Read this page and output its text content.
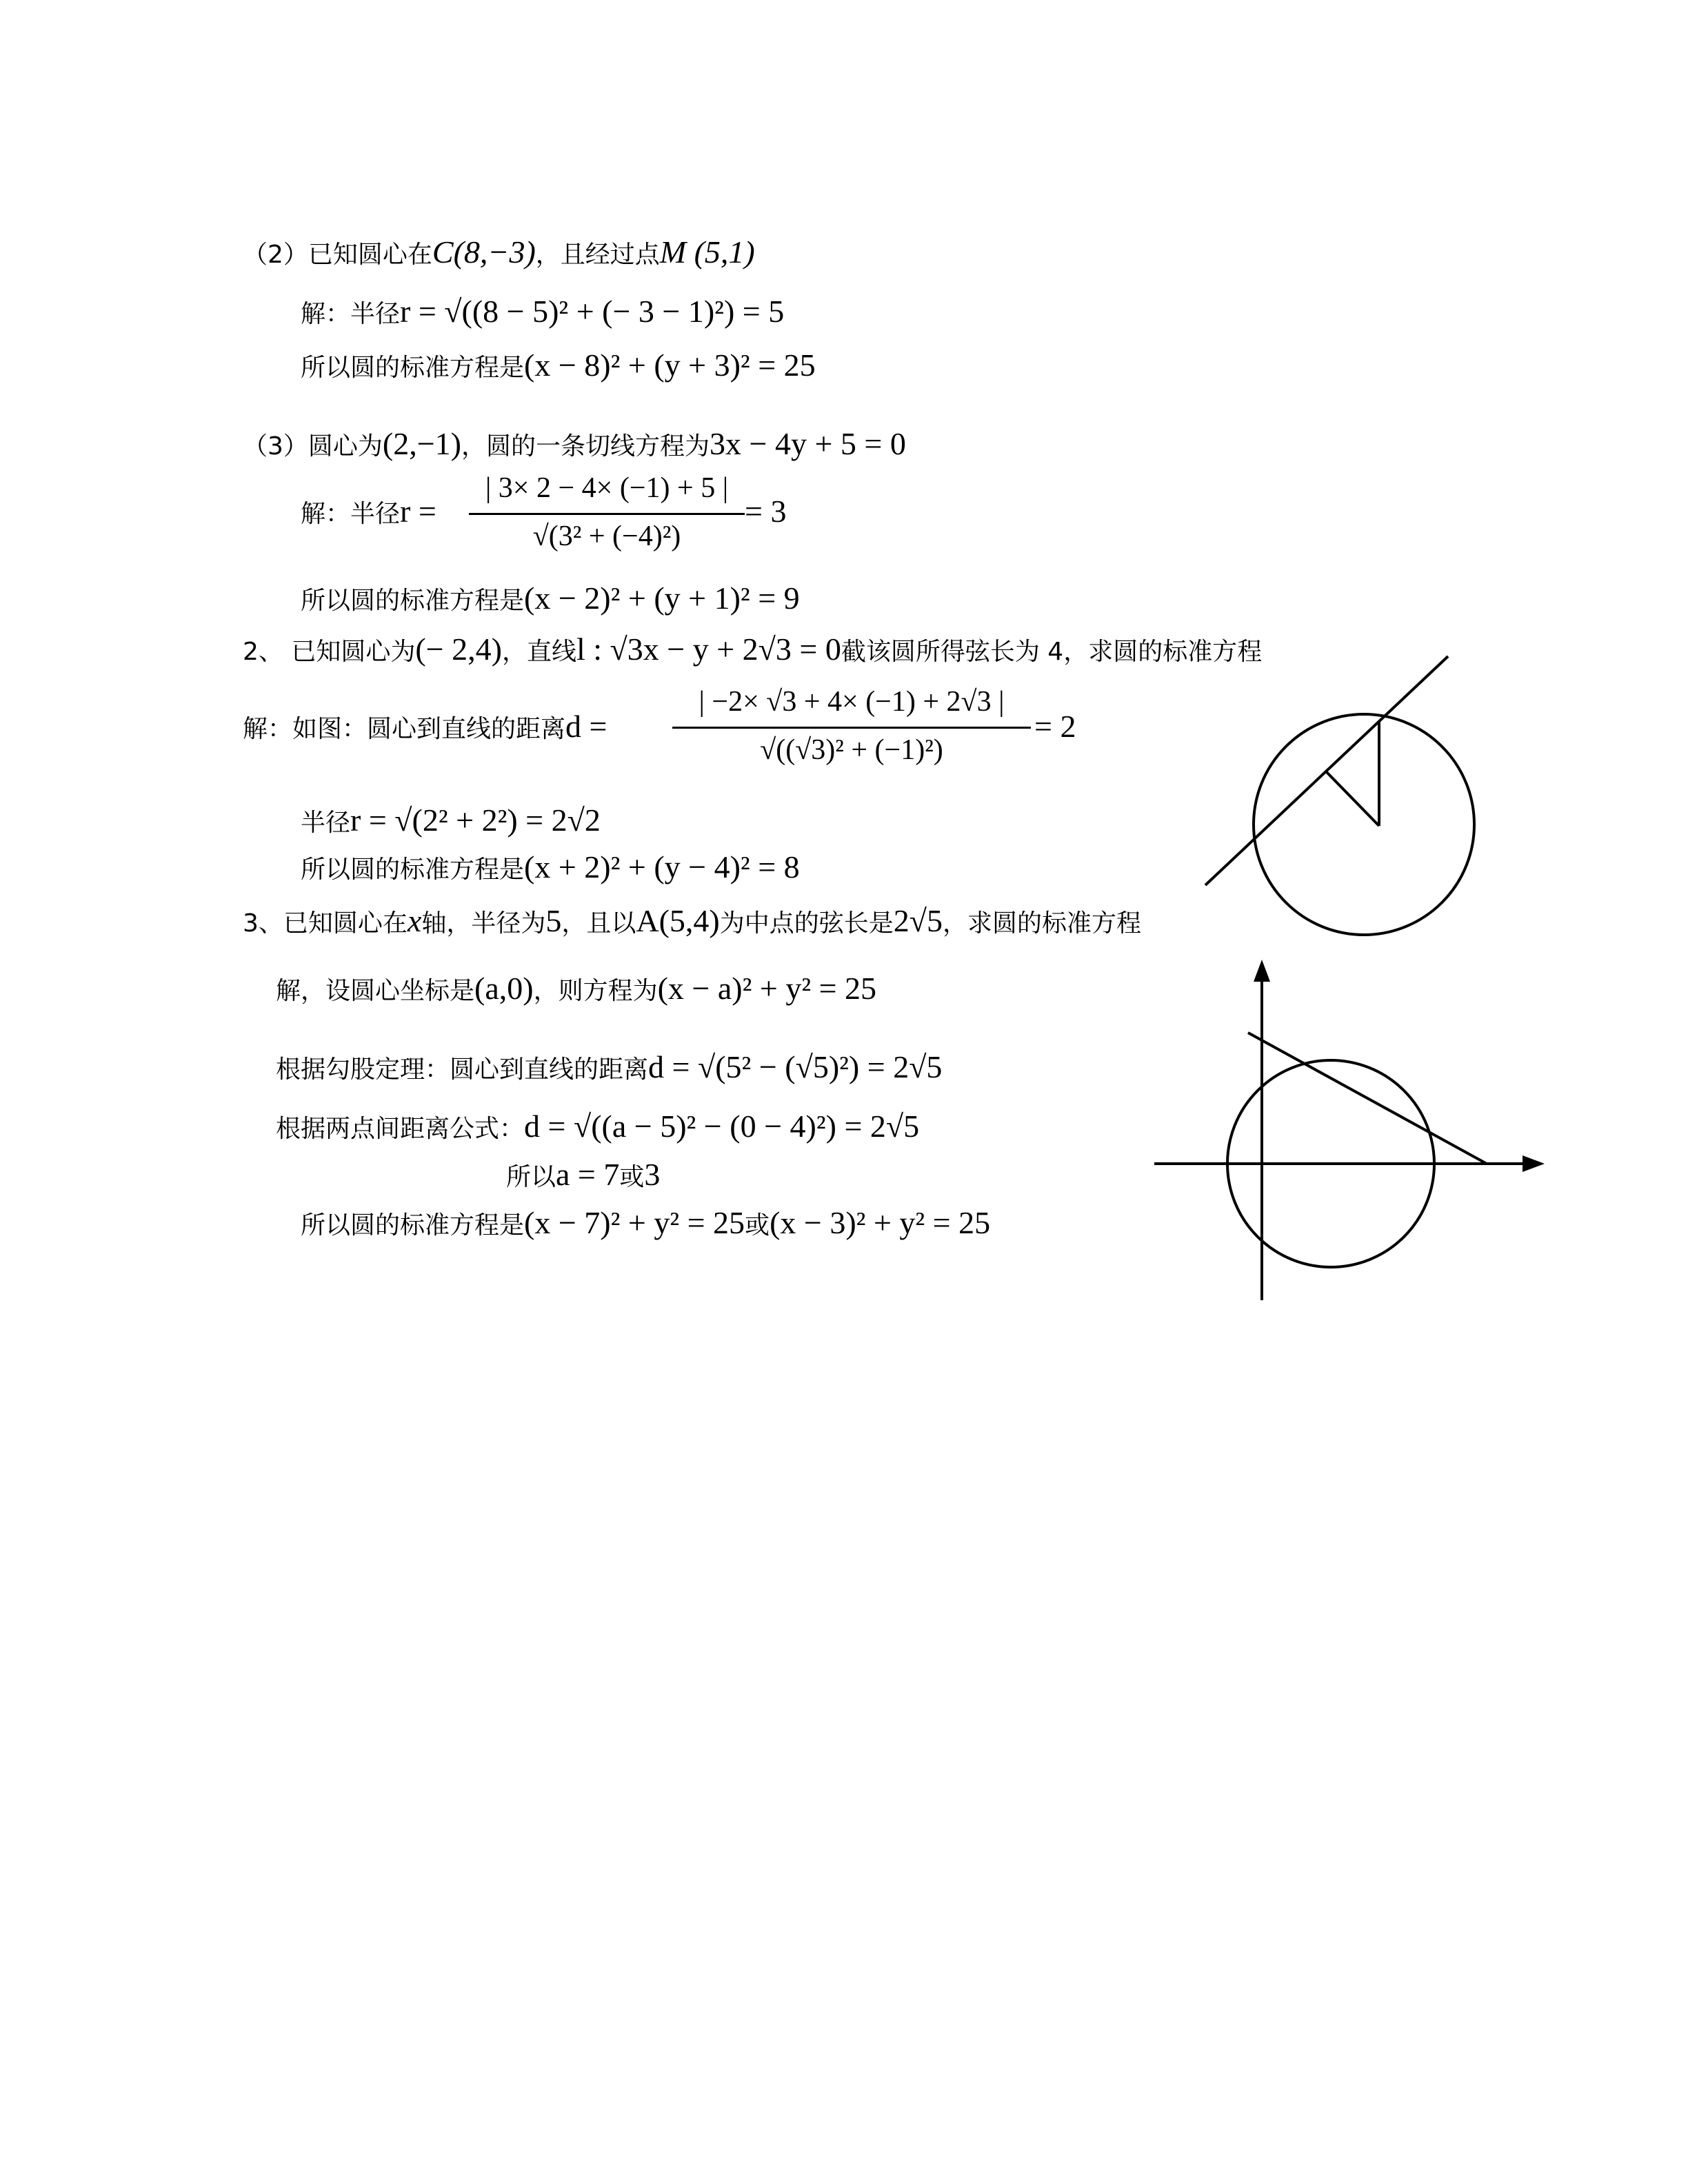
（2）已知圆心在C(8,−3)，且经过点M (5,1)
解：半径r = √((8 − 5)² + (− 3 − 1)²) = 5
所以圆的标准方程是(x − 8)² + (y + 3)² = 25
（3）圆心为(2,−1)，圆的一条切线方程为3x − 4y + 5 = 0
解：半径r =
| 3× 2 − 4× (−1) + 5 |
√(3² + (−4)²)
= 3
所以圆的标准方程是(x − 2)² + (y + 1)² = 9
2、 已知圆心为(− 2,4)，直线l : √3x − y + 2√3 = 0截该圆所得弦长为 4，求圆的标准方程
解：如图：圆心到直线的距离d =
| −2× √3 + 4× (−1) + 2√3 |
√((√3)² + (−1)²)
= 2
半径r = √(2² + 2²) = 2√2
所以圆的标准方程是(x + 2)² + (y − 4)² = 8
3、已知圆心在x轴，半径为5，且以A(5,4)为中点的弦长是2√5，求圆的标准方程
解，设圆心坐标是(a,0)，则方程为(x − a)² + y² = 25
根据勾股定理：圆心到直线的距离d = √(5² − (√5)²) = 2√5
根据两点间距离公式：d = √((a − 5)² − (0 − 4)²) = 2√5
所以a = 7或3
所以圆的标准方程是(x − 7)² + y² = 25或(x − 3)² + y² = 25
